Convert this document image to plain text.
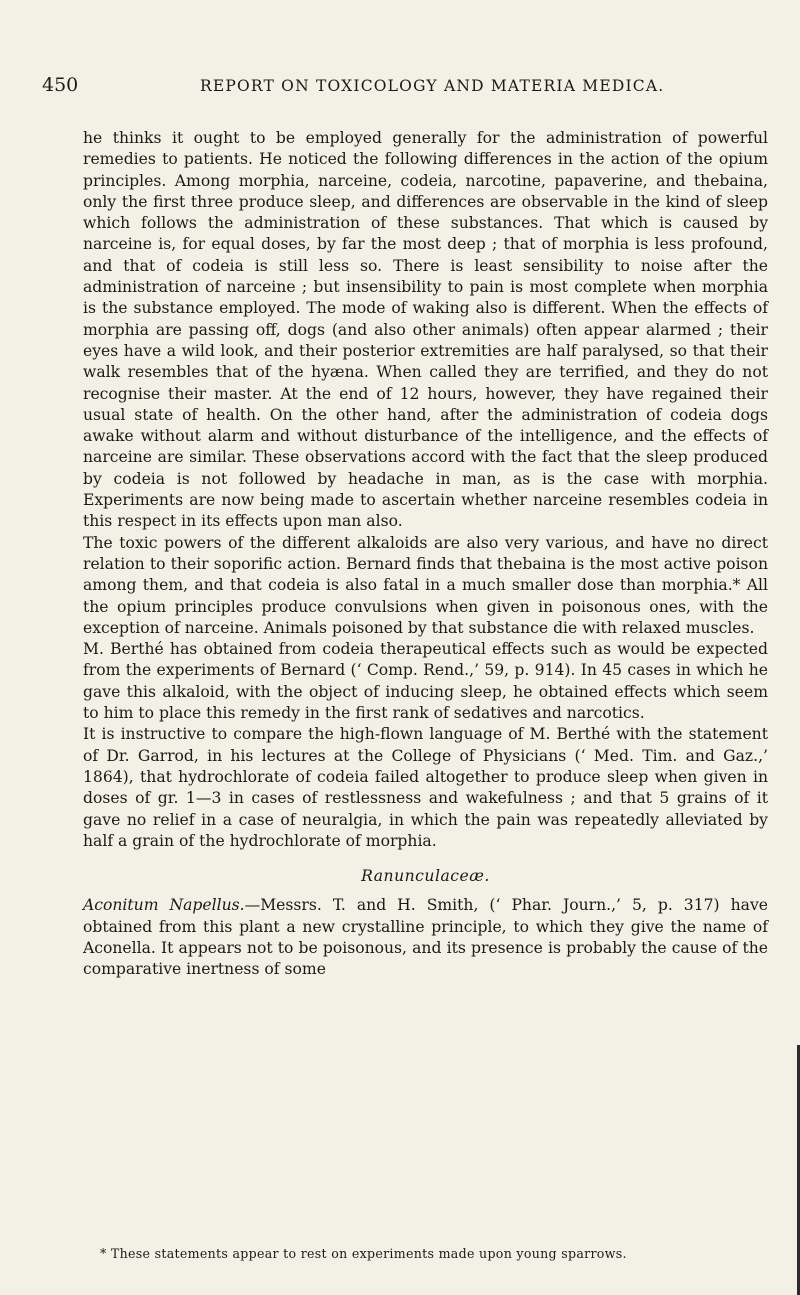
450	REPORT ON TOXICOLOGY AND MATERIA MEDICA.

he thinks it ought to be employed generally for the administration of powerful remedies to patients. He noticed the following differences in the action of the opium principles. Among morphia, narceine, codeia, narcotine, papaverine, and thebaina, only the first three produce sleep, and differences are observable in the kind of sleep which follows the administration of these substances. That which is caused by narceine is, for equal doses, by far the most deep ; that of morphia is less profound, and that of codeia is still less so. There is least sensibility to noise after the administration of narceine ; but insensibility to pain is most complete when morphia is the substance employed. The mode of waking also is different. When the effects of morphia are passing off, dogs (and also other animals) often appear alarmed ; their eyes have a wild look, and their posterior extremities are half paralysed, so that their walk resembles that of the hyæna. When called they are terrified, and they do not recognise their master. At the end of 12 hours, however, they have regained their usual state of health. On the other hand, after the administration of codeia dogs awake without alarm and without disturbance of the intelligence, and the effects of narceine are similar. These observations accord with the fact that the sleep produced by codeia is not followed by headache in man, as is the case with morphia. Experiments are now being made to ascertain whether narceine resembles codeia in this respect in its effects upon man also.

The toxic powers of the different alkaloids are also very various, and have no direct relation to their soporific action. Bernard finds that thebaina is the most active poison among them, and that codeia is also fatal in a much smaller dose than morphia.* All the opium principles produce convulsions when given in poisonous ones, with the exception of narceine. Animals poisoned by that substance die with relaxed muscles.

M. Berthé has obtained from codeia therapeutical effects such as would be expected from the experiments of Bernard (‘ Comp. Rend.,’ 59, p. 914). In 45 cases in which he gave this alkaloid, with the object of inducing sleep, he obtained effects which seem to him to place this remedy in the first rank of sedatives and narcotics.

It is instructive to compare the high-flown language of M. Berthé with the statement of Dr. Garrod, in his lectures at the College of Physicians (‘ Med. Tim. and Gaz.,’ 1864), that hydrochlorate of codeia failed altogether to produce sleep when given in doses of gr. 1—3 in cases of restlessness and wakefulness ; and that 5 grains of it gave no relief in a case of neuralgia, in which the pain was repeatedly alleviated by half a grain of the hydrochlorate of morphia.

Ranunculaceæ.

Aconitum Napellus.—Messrs. T. and H. Smith, (‘ Phar. Journ.,’ 5, p. 317) have obtained from this plant a new crystalline principle, to which they give the name of Aconella. It appears not to be poisonous, and its presence is probably the cause of the comparative inertness of some

* These statements appear to rest on experiments made upon young sparrows.
